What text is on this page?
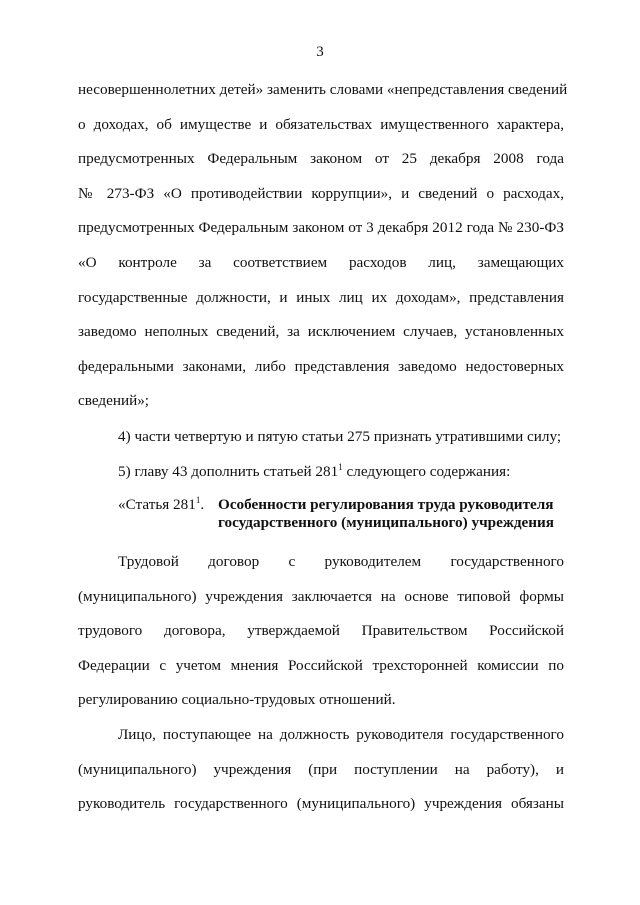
3
несовершеннолетних детей» заменить словами «непредставления сведений
о доходах, об имуществе и обязательствах имущественного характера,
предусмотренных Федеральным законом от 25 декабря 2008 года
№ 273-ФЗ «О противодействии коррупции», и сведений о расходах,
предусмотренных Федеральным законом от 3 декабря 2012 года № 230-ФЗ
«О контроле за соответствием расходов лиц, замещающих
государственные должности, и иных лиц их доходам», представления
заведомо неполных сведений, за исключением случаев, установленных
федеральными законами, либо представления заведомо недостоверных
сведений»;
4) части четвертую и пятую статьи 275 признать утратившими силу;
5) главу 43 дополнить статьей $281^1$ следующего содержания:
«Статья $281^1$. Особенности регулирования труда руководителя
государственного (муниципального) учреждения
Трудовой договор с руководителем государственного
(муниципального) учреждения заключается на основе типовой формы
трудового договора, утверждаемой Правительством Российской
Федерации с учетом мнения Российской трехсторонней комиссии по
регулированию социально-трудовых отношений.
Лицо, поступающее на должность руководителя государственного
(муниципального) учреждения (при поступлении на работу), и
руководитель государственного (муниципального) учреждения обязаны
